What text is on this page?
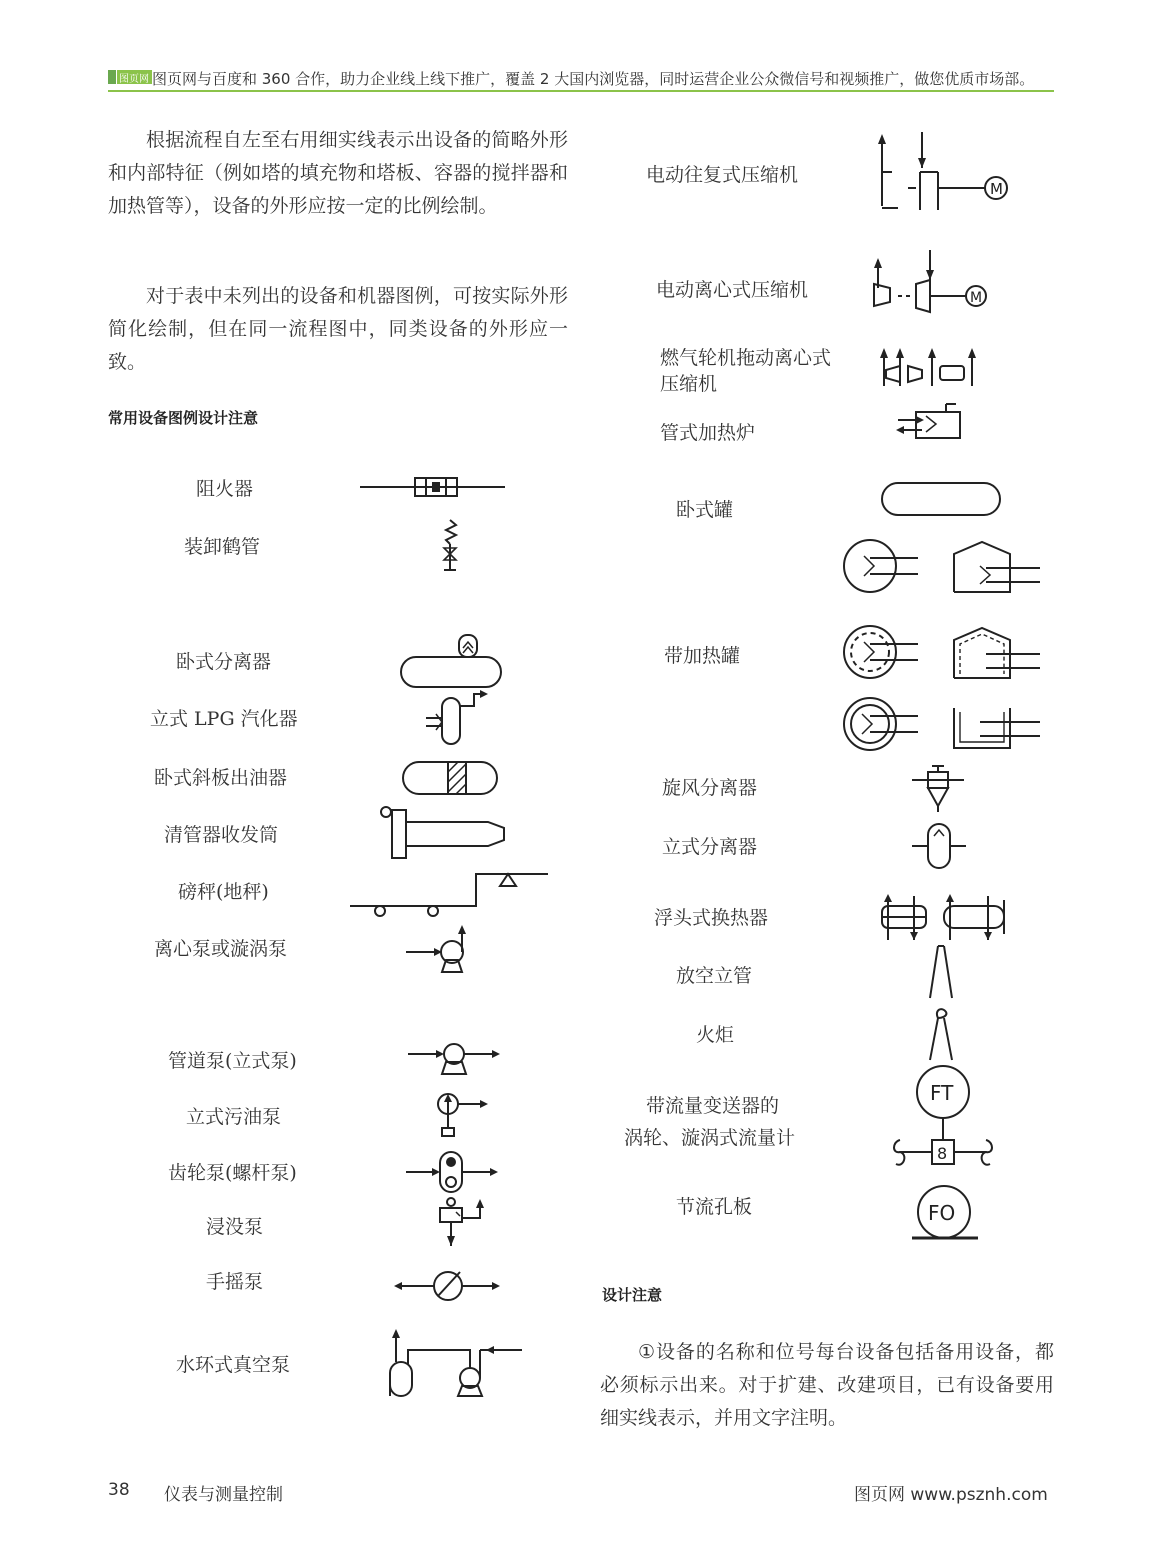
图页网 图页网与百度和 360 合作，助力企业线上线下推广，覆盖 2 大国内浏览器，同时运营企业公众微信号和视频推广，做您优质市场部。
根据流程自左至右用细实线表示出设备的简略外形和内部特征（例如塔的填充物和塔板、容器的搅拌器和加热管等），设备的外形应按一定的比例绘制。
对于表中未列出的设备和机器图例，可按实际外形简化绘制，但在同一流程图中，同类设备的外形应一致。
常用设备图例设计注意
阻火器
装卸鹤管
卧式分离器
立式 LPG 汽化器
卧式斜板出油器
清管器收发筒
磅秤(地秤)
离心泵或漩涡泵
管道泵(立式泵)
立式污油泵
齿轮泵(螺杆泵)
浸没泵
手摇泵
水环式真空泵
电动往复式压缩机
电动离心式压缩机
燃气轮机拖动离心式
压缩机
管式加热炉
卧式罐
带加热罐
旋风分离器
立式分离器
浮头式换热器
放空立管
火炬
带流量变送器的
涡轮、漩涡式流量计
节流孔板
M
M
FT
8
FO
设计注意
①设备的名称和位号每台设备包括备用设备，都必须标示出来。对于扩建、改建项目，已有设备要用细实线表示，并用文字注明。
38 仪表与测量控制	图页网 www.psznh.com
